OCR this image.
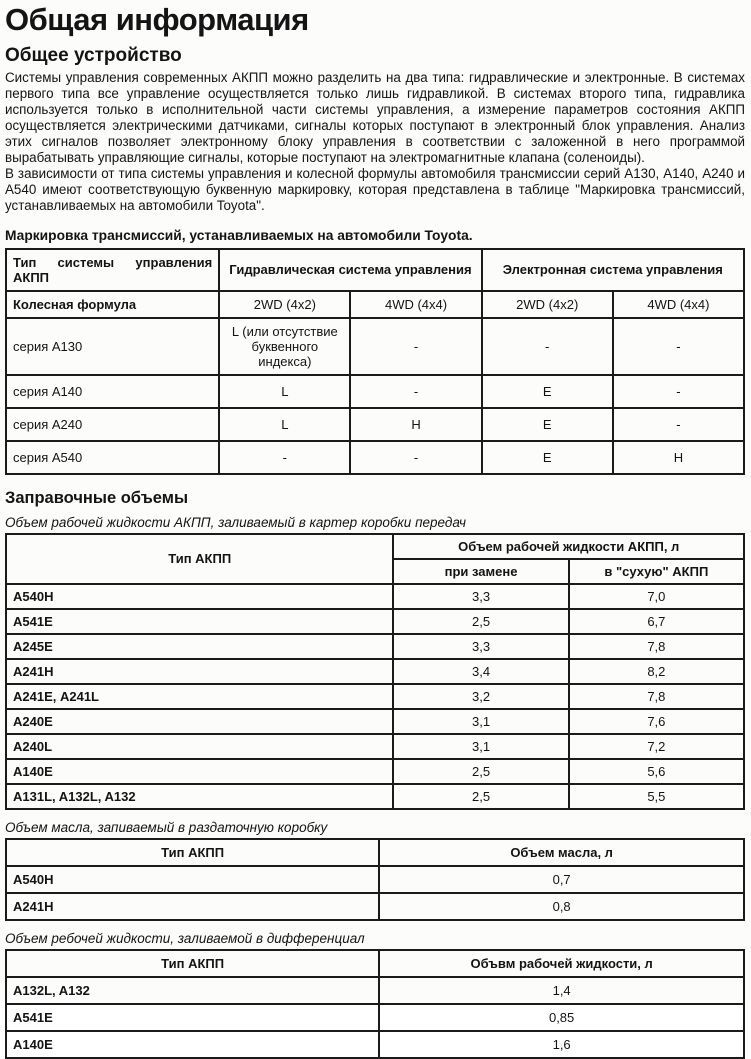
Общая информация
Общее устройство

Системы управления современных АКПП можно разделить на два типа: гидравлические и электронные. В системах первого типа все управление осуществляется только лишь гидравликой. В системах второго типа, гидравлика используется только в исполнительной части системы управления, а измерение параметров состояния АКПП осуществляется электрическими датчиками, сигналы которых поступают в электронный блок управления. Анализ этих сигналов позволяет электронному блоку управления в соответствии с заложенной в него программой вырабатывать управляющие сигналы, которые поступают на электромагнитные клапана (соленоиды).

В зависимости от типа системы управления и колесной формулы автомобиля трансмиссии серий А130, А140, А240 и А540 имеют соответствующую буквенную маркировку, которая представлена в таблице "Маркировка трансмиссий, устанавливаемых на автомобили Toyota".

Маркировка трансмиссий, устанавливаемых на автомобили Toyota.

Тип системы управления АКПП	Гидравлическая система управления		Электронная система управления	
Колесная формула	2WD (4x2)	4WD (4x4)	2WD (4x2)	4WD (4x4)
серия А130	L (или отсутствие буквенного индекса)	-	-	-
серия А140	L	-	E	-
серия А240	L	H	E	-
серия А540	-	-	E	H
Заправочные объемы

Объем рабочей жидкости АКПП, заливаемый в картер коробки передач

Тип АКПП	Объем рабочей жидкости АКПП, л	
	при замене	в "сухую" АКПП
А540Н	3,3	7,0
А541Е	2,5	6,7
А245Е	3,3	7,8
А241Н	3,4	8,2
А241Е, A241L	3,2	7,8
А240Е	3,1	7,6
A240L	3,1	7,2
А140Е	2,5	5,6
A131L, A132L, A132	2,5	5,5

Объем масла, запиваемый в раздаточную коробку

Тип АКПП	Объем масла, л
А540Н	0,7
А241Н	0,8

Объем ребочей жидкости, заливаемой в дифференциал

Тип АКПП	Объвм рабочей жидкости, л
A132L, A132	1,4
А541Е	0,85
А140Е	1,6
